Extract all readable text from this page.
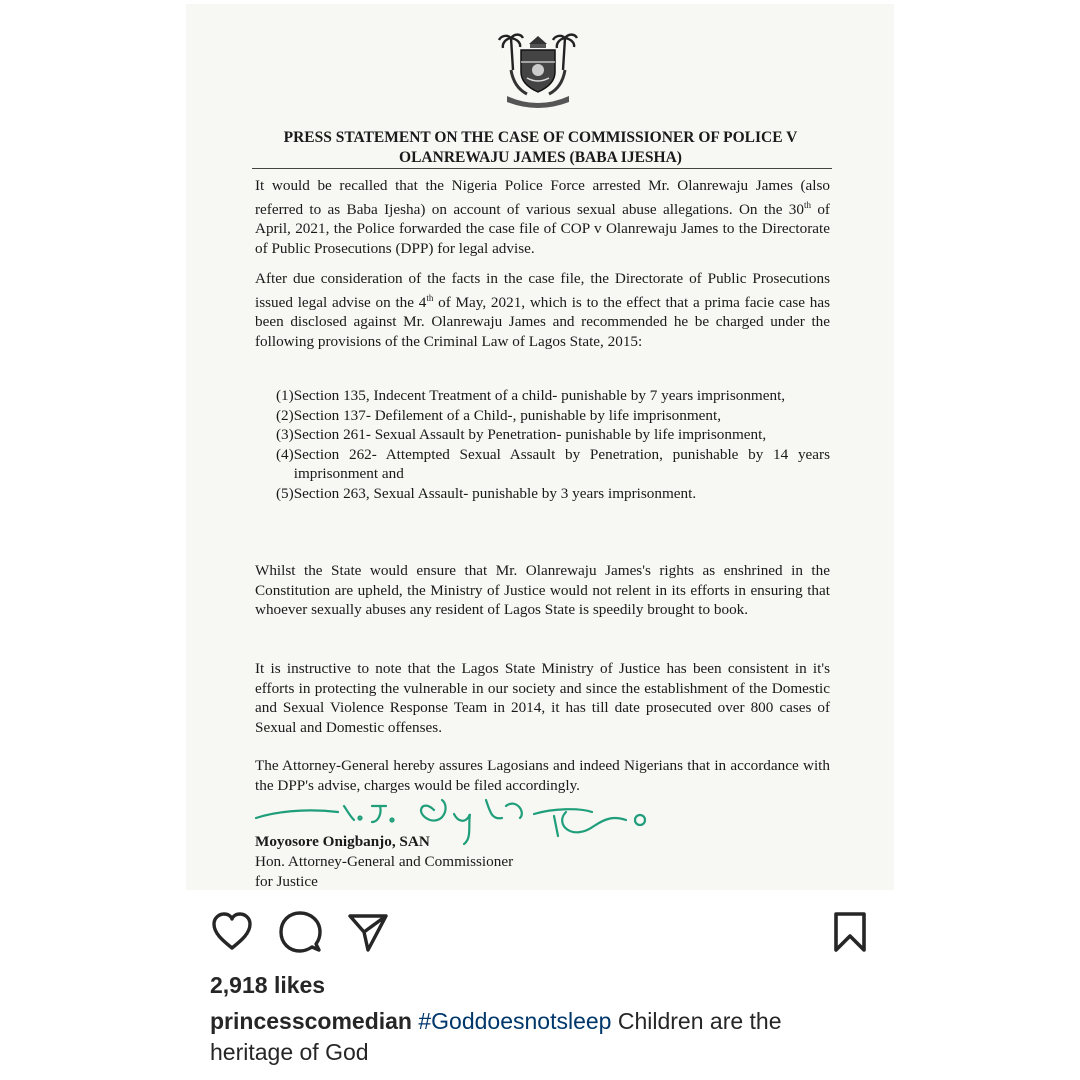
PRESS STATEMENT ON THE CASE OF COMMISSIONER OF POLICE V
OLANREWAJU JAMES (BABA IJESHA)

It would be recalled that the Nigeria Police Force arrested Mr. Olanrewaju James (also referred to as Baba Ijesha) on account of various sexual abuse allegations. On the 30th of April, 2021, the Police forwarded the case file of COP v Olanrewaju James to the Directorate of Public Prosecutions (DPP) for legal advise.

After due consideration of the facts in the case file, the Directorate of Public Prosecutions issued legal advise on the 4th of May, 2021, which is to the effect that a prima facie case has been disclosed against Mr. Olanrewaju James and recommended he be charged under the following provisions of the Criminal Law of Lagos State, 2015:

(1) Section 135, Indecent Treatment of a child- punishable by 7 years imprisonment,
(2) Section 137- Defilement of a Child-, punishable by life imprisonment,
(3) Section 261- Sexual Assault by Penetration- punishable by life imprisonment,
(4) Section 262- Attempted Sexual Assault by Penetration, punishable by 14 years imprisonment and
(5) Section 263, Sexual Assault- punishable by 3 years imprisonment.

Whilst the State would ensure that Mr. Olanrewaju James's rights as enshrined in the Constitution are upheld, the Ministry of Justice would not relent in its efforts in ensuring that whoever sexually abuses any resident of Lagos State is speedily brought to book.

It is instructive to note that the Lagos State Ministry of Justice has been consistent in it's efforts in protecting the vulnerable in our society and since the establishment of the Domestic and Sexual Violence Response Team in 2014, it has till date prosecuted over 800 cases of Sexual and Domestic offenses.

The Attorney-General hereby assures Lagosians and indeed Nigerians that in accordance with the DPP's advise, charges would be filed accordingly.

Moyosore Onigbanjo, SAN
Hon. Attorney-General and Commissioner
for Justice
2,918 likes

princesscomedian #Goddoesnotsleep Children are the heritage of God
